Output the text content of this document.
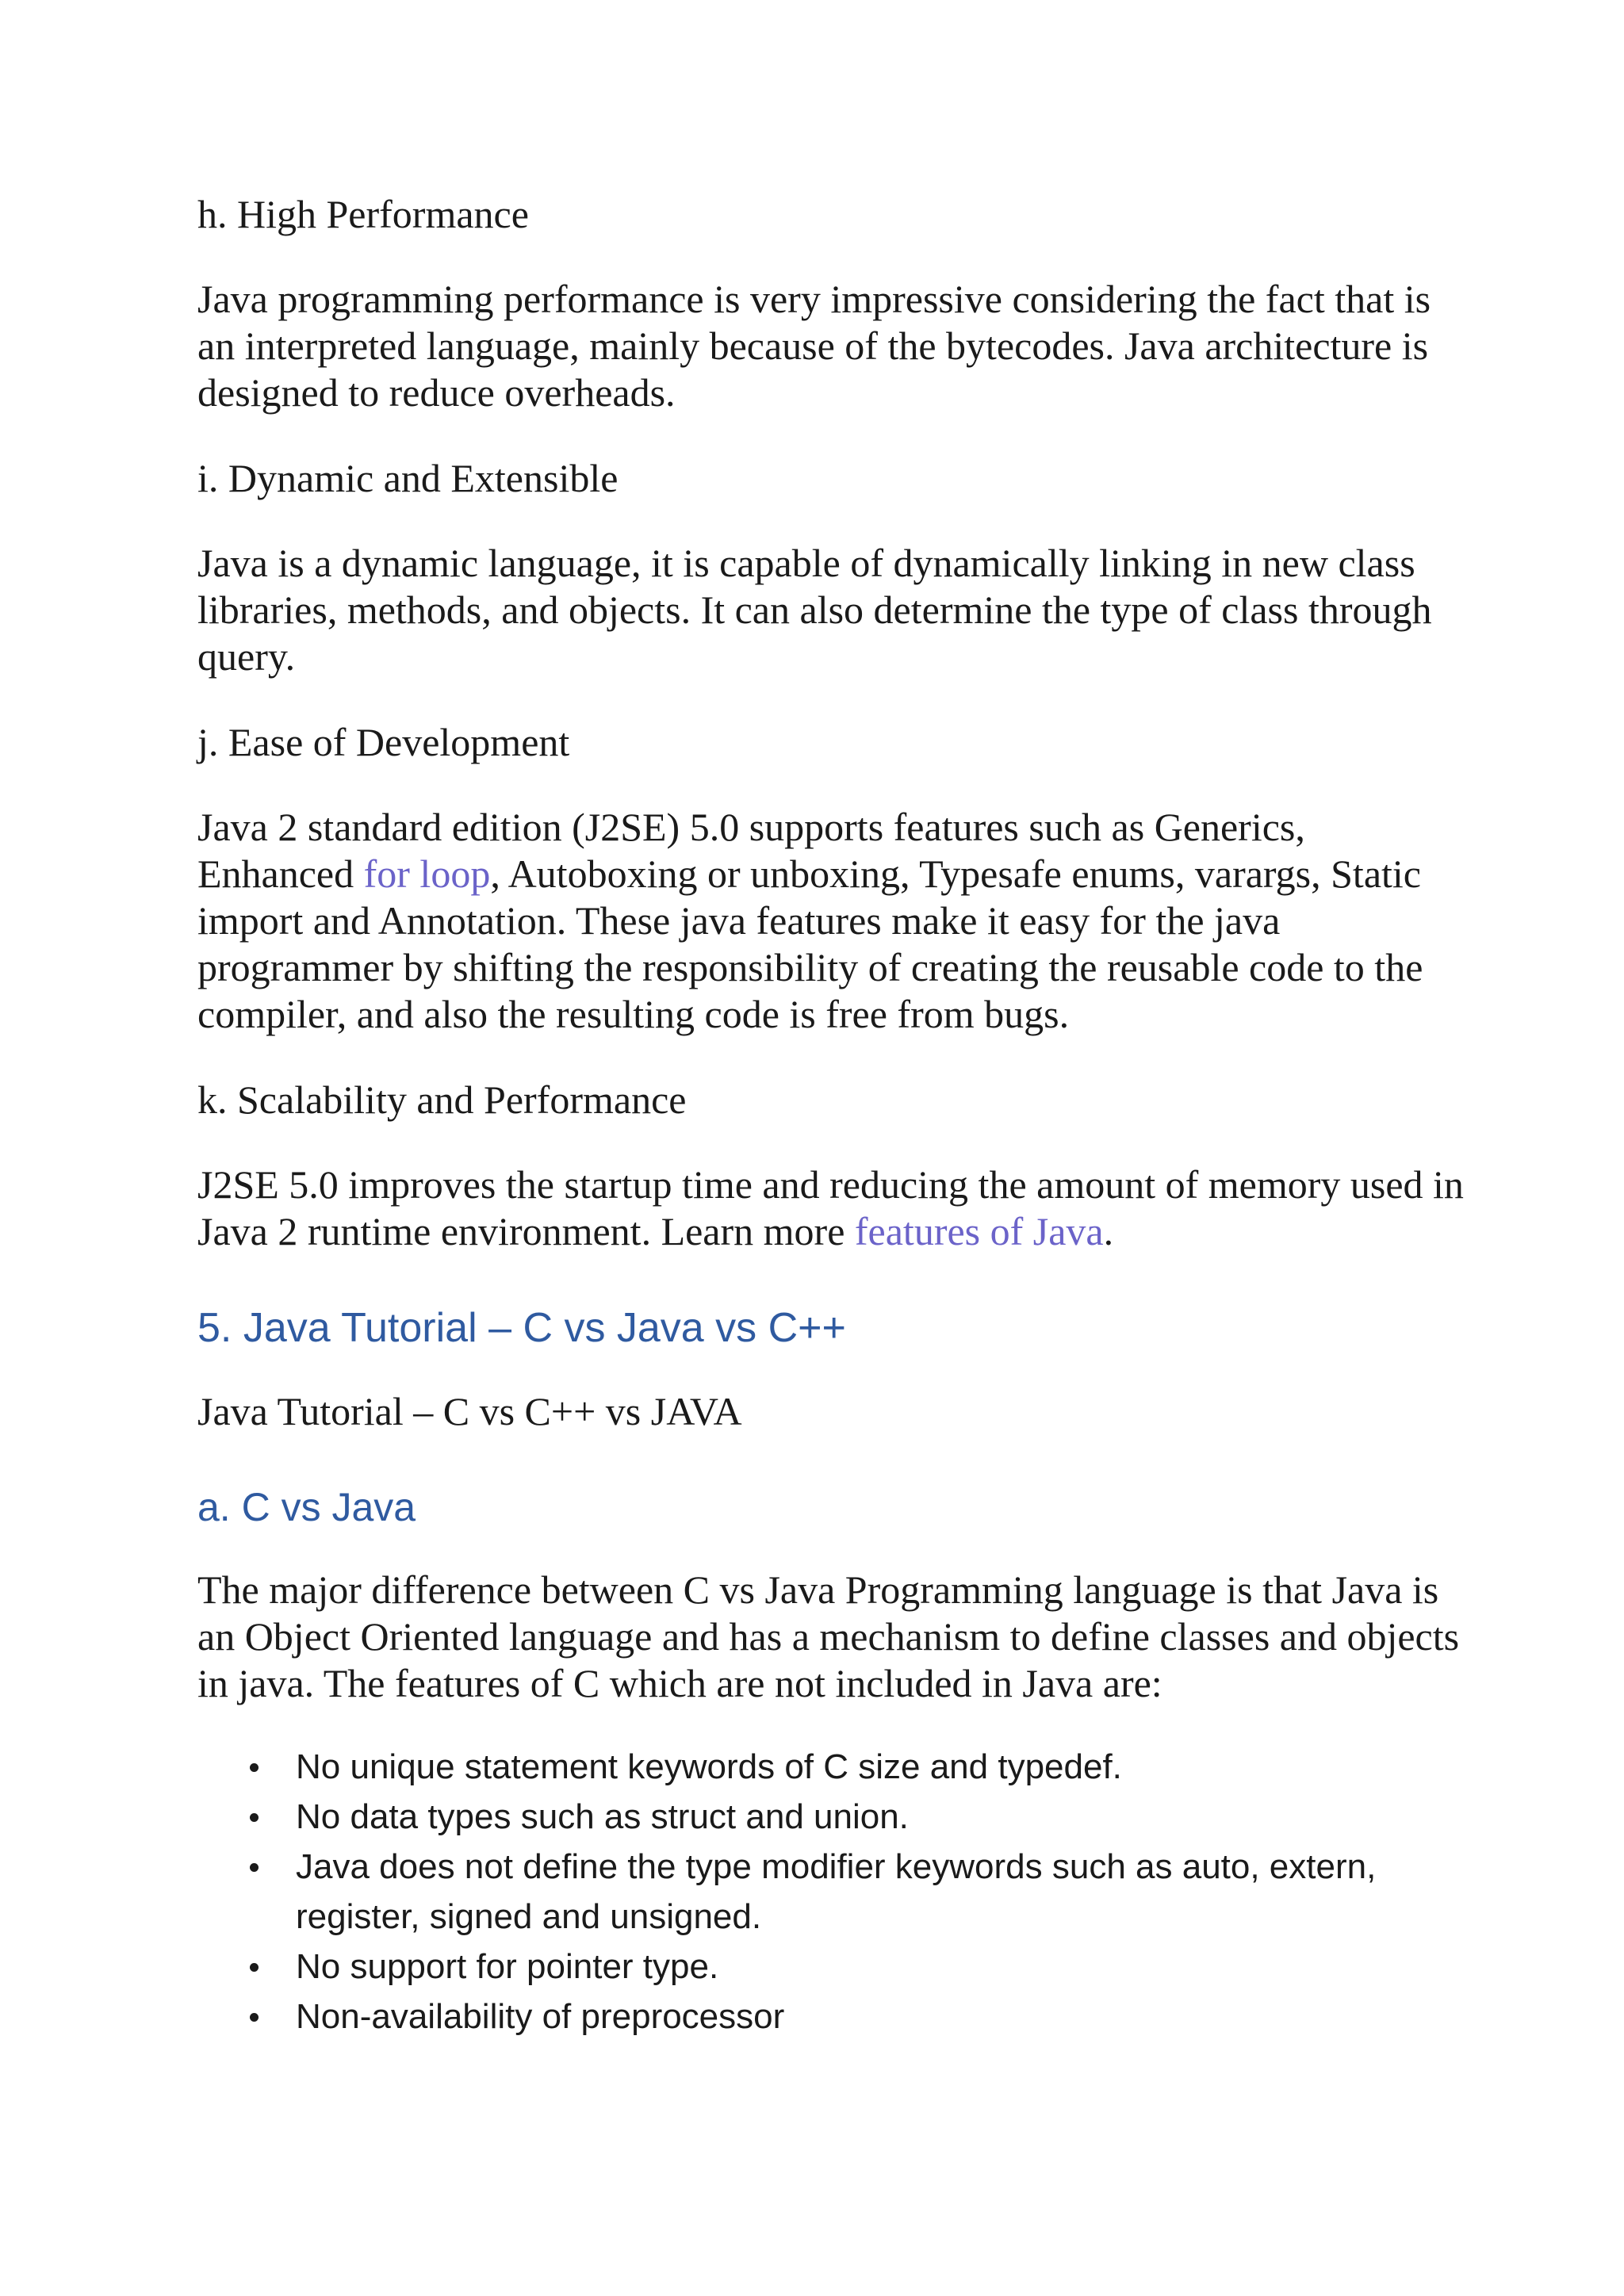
h. High Performance

Java programming performance is very impressive considering the fact that is an interpreted language, mainly because of the bytecodes. Java architecture is designed to reduce overheads.

i. Dynamic and Extensible

Java is a dynamic language, it is capable of dynamically linking in new class libraries, methods, and objects. It can also determine the type of class through query.

j. Ease of Development

Java 2 standard edition (J2SE) 5.0 supports features such as Generics, Enhanced for loop, Autoboxing or unboxing, Typesafe enums, varargs, Static import and Annotation. These java features make it easy for the java programmer by shifting the responsibility of creating the reusable code to the compiler, and also the resulting code is free from bugs.

k. Scalability and Performance

J2SE 5.0 improves the startup time and reducing the amount of memory used in Java 2 runtime environment. Learn more features of Java.

5. Java Tutorial – C vs Java vs C++

Java Tutorial – C vs C++ vs JAVA

a. C vs Java

The major difference between C vs Java Programming language is that Java is an Object Oriented language and has a mechanism to define classes and objects in java. The features of C which are not included in Java are:

No unique statement keywords of C size and typedef.
No data types such as struct and union.
Java does not define the type modifier keywords such as auto, extern, register, signed and unsigned.
No support for pointer type.
Non-availability of preprocessor
